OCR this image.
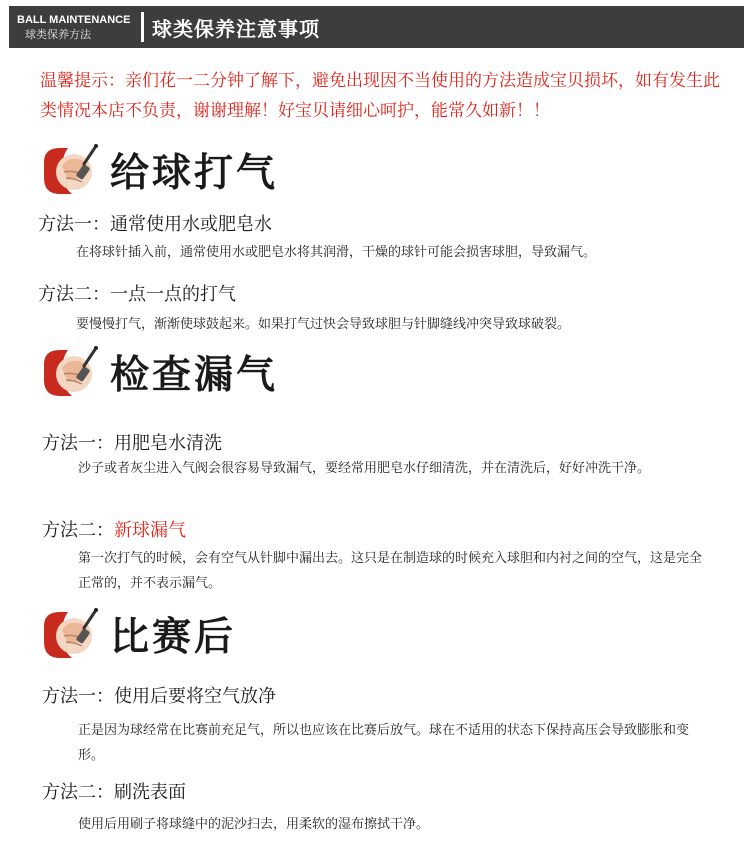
BALL MAINTENANCE
球类保养方法	球类保养注意事项
温馨提示：亲们花一二分钟了解下，避免出现因不当使用的方法造成宝贝损坏，如有发生此类情况本店不负责，谢谢理解！好宝贝请细心呵护，能常久如新！！
给球打气
方法一：通常使用水或肥皂水
在将球针插入前，通常使用水或肥皂水将其润滑，干燥的球针可能会损害球胆，导致漏气。
方法二：一点一点的打气
要慢慢打气，渐渐使球鼓起来。如果打气过快会导致球胆与针脚缝线冲突导致球破裂。
检查漏气
方法一：用肥皂水清洗
沙子或者灰尘进入气阀会很容易导致漏气，要经常用肥皂水仔细清洗，并在清洗后，好好冲洗干净。
方法二：新球漏气
第一次打气的时候，会有空气从针脚中漏出去。这只是在制造球的时候充入球胆和内衬之间的空气，这是完全正常的，并不表示漏气。
比赛后
方法一：使用后要将空气放净
正是因为球经常在比赛前充足气，所以也应该在比赛后放气。球在不适用的状态下保持高压会导致膨胀和变形。
方法二：刷洗表面
使用后用刷子将球缝中的泥沙扫去，用柔软的湿布擦拭干净。
